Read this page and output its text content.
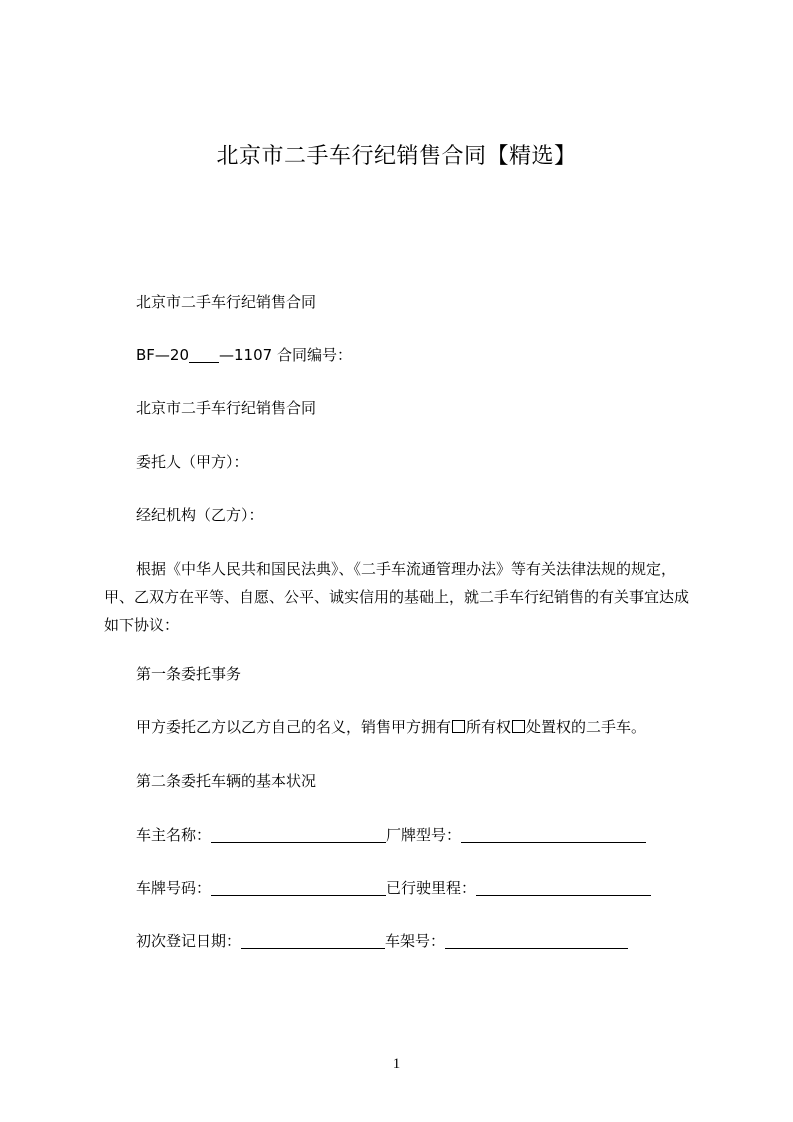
北京市二手车行纪销售合同【精选】
北京市二手车行纪销售合同
BF—20 —1107 合同编号：
北京市二手车行纪销售合同
委托人（甲方）：
经纪机构（乙方）：
根据《中华人民共和国民法典》、《二手车流通管理办法》等有关法律法规的规定，甲、乙双方在平等、自愿、公平、诚实信用的基础上，就二手车行纪销售的有关事宜达成如下协议：
第一条委托事务
甲方委托乙方以乙方自己的名义，销售甲方拥有 所有权 处置权的二手车。
第二条委托车辆的基本状况
车主名称：	厂牌型号：
车牌号码：	已行驶里程：
初次登记日期：	车架号：
1
